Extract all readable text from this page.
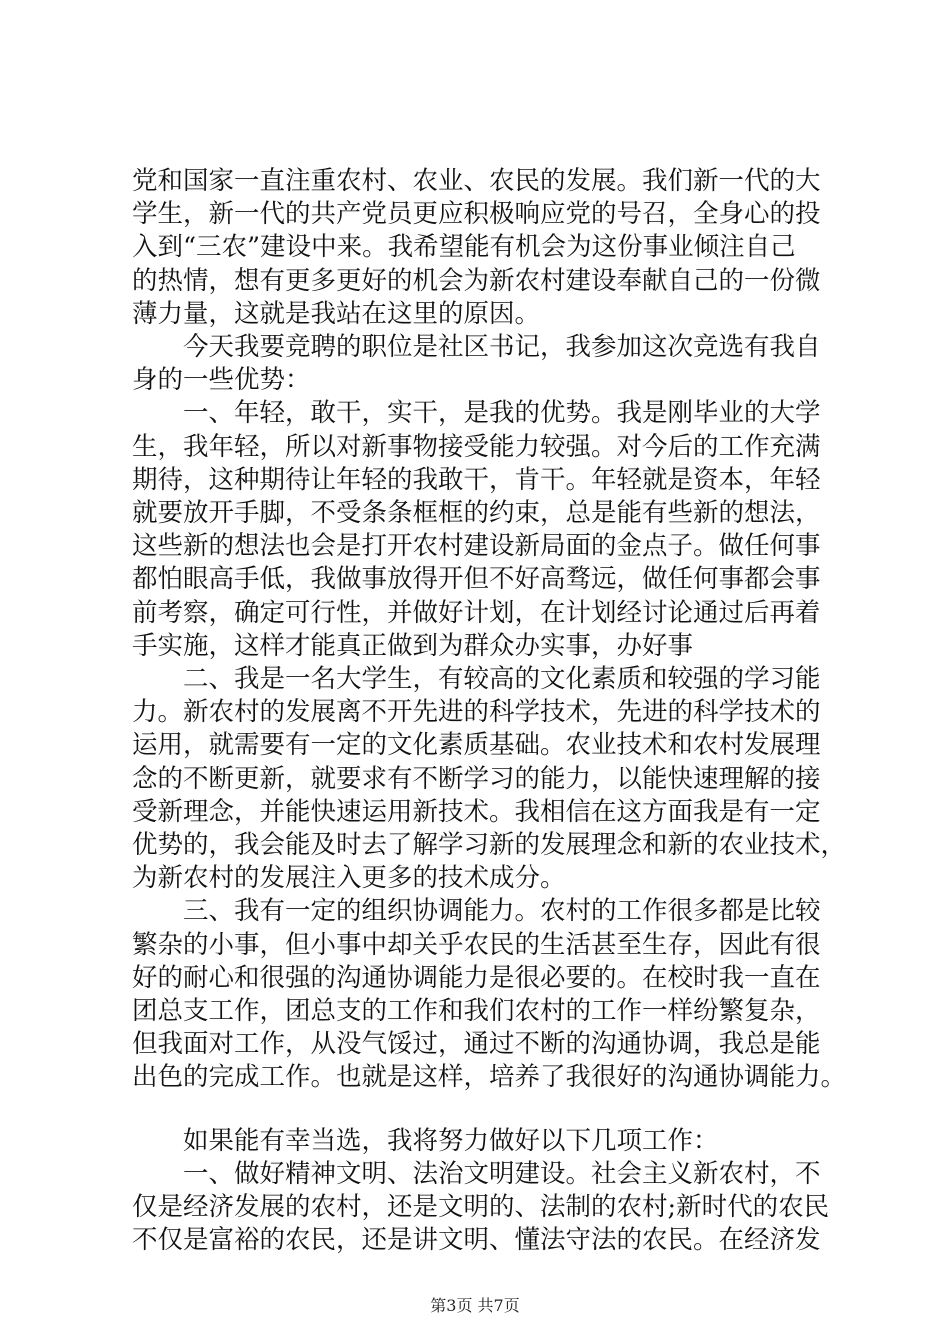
党和国家一直注重农村、农业、农民的发展。我们新一代的大
学生，新一代的共产党员更应积极响应党的号召，全身心的投
入到“三农”建设中来。我希望能有机会为这份事业倾注自己
的热情，想有更多更好的机会为新农村建设奉献自己的一份微
薄力量，这就是我站在这里的原因。
今天我要竞聘的职位是社区书记，我参加这次竞选有我自
身的一些优势：
一、年轻，敢干，实干，是我的优势。我是刚毕业的大学
生，我年轻，所以对新事物接受能力较强。对今后的工作充满
期待，这种期待让年轻的我敢干，肯干。年轻就是资本，年轻
就要放开手脚，不受条条框框的约束，总是能有些新的想法，
这些新的想法也会是打开农村建设新局面的金点子。做任何事
都怕眼高手低，我做事放得开但不好高骛远，做任何事都会事
前考察，确定可行性，并做好计划，在计划经讨论通过后再着
手实施，这样才能真正做到为群众办实事，办好事
二、我是一名大学生，有较高的文化素质和较强的学习能
力。新农村的发展离不开先进的科学技术，先进的科学技术的
运用，就需要有一定的文化素质基础。农业技术和农村发展理
念的不断更新，就要求有不断学习的能力，以能快速理解的接
受新理念，并能快速运用新技术。我相信在这方面我是有一定
优势的，我会能及时去了解学习新的发展理念和新的农业技术，
为新农村的发展注入更多的技术成分。
三、我有一定的组织协调能力。农村的工作很多都是比较
繁杂的小事，但小事中却关乎农民的生活甚至生存，因此有很
好的耐心和很强的沟通协调能力是很必要的。在校时我一直在
团总支工作，团总支的工作和我们农村的工作一样纷繁复杂，
但我面对工作，从没气馁过，通过不断的沟通协调，我总是能
出色的完成工作。也就是这样，培养了我很好的沟通协调能力。
如果能有幸当选，我将努力做好以下几项工作：
一、做好精神文明、法治文明建设。社会主义新农村，不
仅是经济发展的农村，还是文明的、法制的农村;新时代的农民
不仅是富裕的农民，还是讲文明、懂法守法的农民。在经济发
第3页 共7页
